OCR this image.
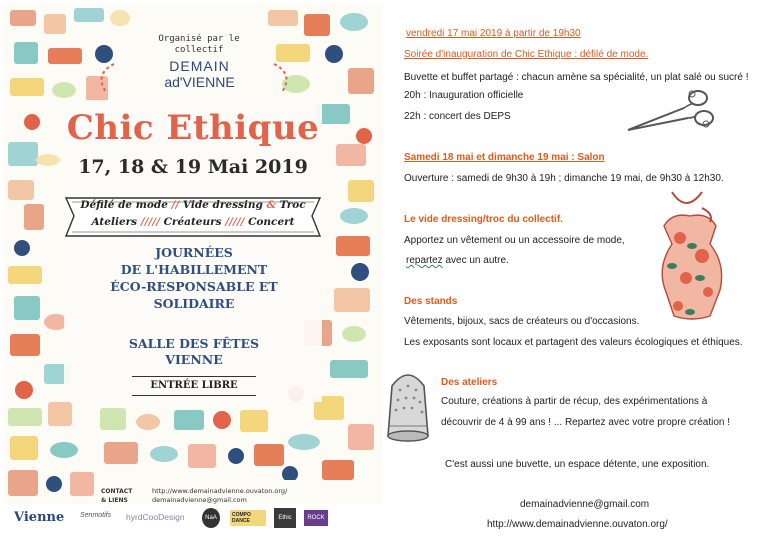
Organisé par le collectif
DEMAIN
ad'VIENNE
Chic Ethique
17, 18 & 19 Mai 2019
Défilé de mode // Vide dressing & Troc
Ateliers ///// Créateurs ///// Concert
JOURNÉES
DE L'HABILLEMENT
ÉCO-RESPONSABLE ET
SOLIDAIRE
SALLE DES FÊTES
VIENNE
ENTRÉE LIBRE
CONTACT
& LIENS
http://www.demainadvienne.ouvaton.org/
demainadvienne@gmail.com
Vienne Senmotifs hyrdCooDesign	NaA	COMPO DANCE	Ethic	ROCK
vendredi 17 mai 2019 à partir de 19h30
Soirée d'inauguration de Chic Ethique : défilé de mode.
Buvette et buffet partagé : chacun amène sa spécialité, un plat salé ou sucré !
20h : Inauguration officielle
22h : concert des DEPS
Samedi 18 mai et dimanche 19 mai : Salon
Ouverture : samedi de 9h30 à 19h ; dimanche 19 mai, de 9h30 à 12h30.
Le vide dressing/troc du collectif.
Apportez un vêtement ou un accessoire de mode,
repartez avec un autre.
Des stands
Vêtements, bijoux, sacs de créateurs ou d'occasions.
Les exposants sont locaux et partagent des valeurs écologiques et éthiques.
Des ateliers
Couture, créations à partir de récup, des expérimentations à
découvrir de 4 à 99 ans ! ... Repartez avec votre propre création !
C'est aussi une buvette, un espace détente, une exposition.
demainadvienne@gmail.com
http://www.demainadvienne.ouvaton.org/
